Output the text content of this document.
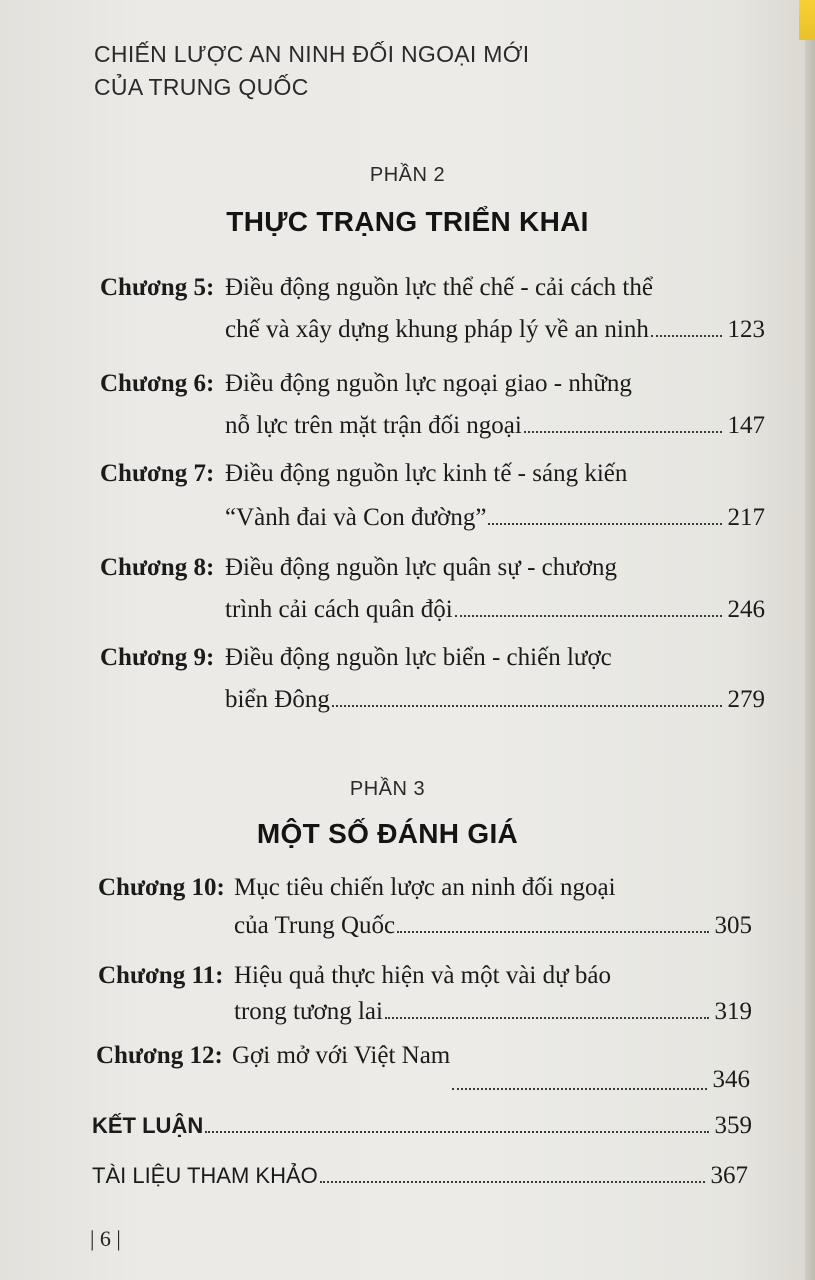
CHIẾN LƯỢC AN NINH ĐỐI NGOẠI MỚI
CỦA TRUNG QUỐC
PHẦN 2
THỰC TRẠNG TRIỂN KHAI
Chương 5: Điều động nguồn lực thể chế - cải cách thể
chế và xây dựng khung pháp lý về an ninh	123
Chương 6: Điều động nguồn lực ngoại giao - những
nỗ lực trên mặt trận đối ngoại	147
Chương 7: Điều động nguồn lực kinh tế - sáng kiến
“Vành đai và Con đường”	217
Chương 8: Điều động nguồn lực quân sự - chương
trình cải cách quân đội	246
Chương 9: Điều động nguồn lực biển - chiến lược
biển Đông	279
PHẦN 3
MỘT SỐ ĐÁNH GIÁ
Chương 10: Mục tiêu chiến lược an ninh đối ngoại
của Trung Quốc	305
Chương 11: Hiệu quả thực hiện và một vài dự báo
trong tương lai	319
Chương 12: Gợi mở với Việt Nam
346
KẾT LUẬN	359
TÀI LIỆU THAM KHẢO	367
| 6 |
